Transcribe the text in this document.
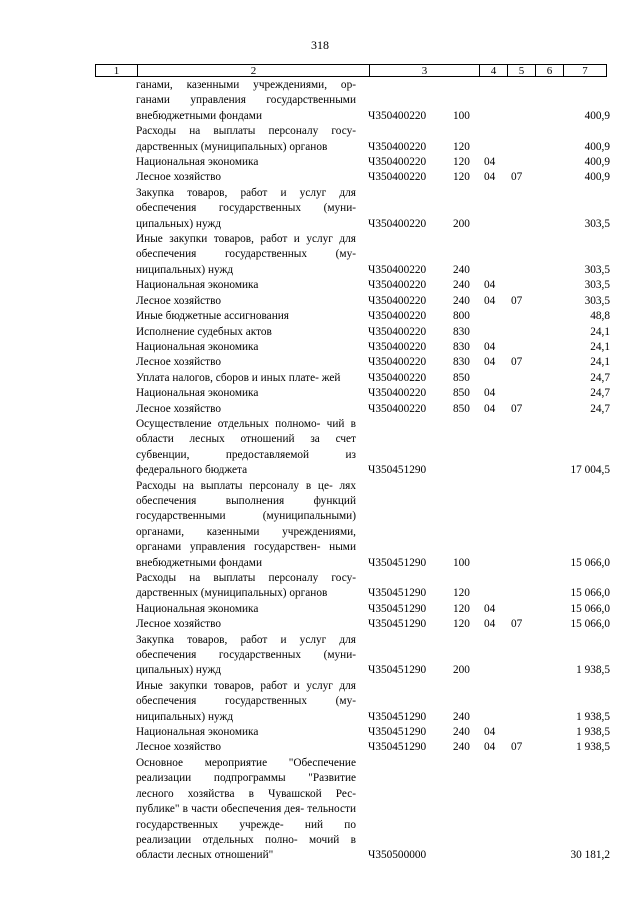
318
1	2	3	4	5	6	7
ганами, казенными учреждениями, ор- ганами управления государственными внебюджетными фондами	Ч350400220 100	400,9
Расходы на выплаты персоналу госу- дарственных (муниципальных) органов	Ч350400220 120	400,9
Национальная экономика	Ч350400220 120 04	400,9
Лесное хозяйство	Ч350400220 120 04 07	400,9
Закупка товаров, работ и услуг для обеспечения государственных (муни- ципальных) нужд	Ч350400220 200	303,5
Иные закупки товаров, работ и услуг для обеспечения государственных (му- ниципальных) нужд	Ч350400220 240	303,5
Национальная экономика	Ч350400220 240 04	303,5
Лесное хозяйство	Ч350400220 240 04 07	303,5
Иные бюджетные ассигнования	Ч350400220 800	48,8
Исполнение судебных актов	Ч350400220 830	24,1
Национальная экономика	Ч350400220 830 04	24,1
Лесное хозяйство	Ч350400220 830 04 07	24,1
Уплата налогов, сборов и иных плате- жей	Ч350400220 850	24,7
Национальная экономика	Ч350400220 850 04	24,7
Лесное хозяйство	Ч350400220 850 04 07	24,7
Осуществление отдельных полномо- чий в области лесных отношений за счет субвенции, предоставляемой из федерального бюджета	Ч350451290	17 004,5
Расходы на выплаты персоналу в це- лях обеспечения выполнения функций государственными (муниципальными) органами, казенными учреждениями, органами управления государствен- ными внебюджетными фондами	Ч350451290 100	15 066,0
Расходы на выплаты персоналу госу- дарственных (муниципальных) органов	Ч350451290 120	15 066,0
Национальная экономика	Ч350451290 120 04	15 066,0
Лесное хозяйство	Ч350451290 120 04 07	15 066,0
Закупка товаров, работ и услуг для обеспечения государственных (муни- ципальных) нужд	Ч350451290 200	1 938,5
Иные закупки товаров, работ и услуг для обеспечения государственных (му- ниципальных) нужд	Ч350451290 240	1 938,5
Национальная экономика	Ч350451290 240 04	1 938,5
Лесное хозяйство	Ч350451290 240 04 07	1 938,5
Основное мероприятие "Обеспечение реализации подпрограммы "Развитие лесного хозяйства в Чувашской Рес- публике" в части обеспечения дея- тельности государственных учрежде- ний по реализации отдельных полно- мочий в области лесных отношений"	Ч350500000	30 181,2
